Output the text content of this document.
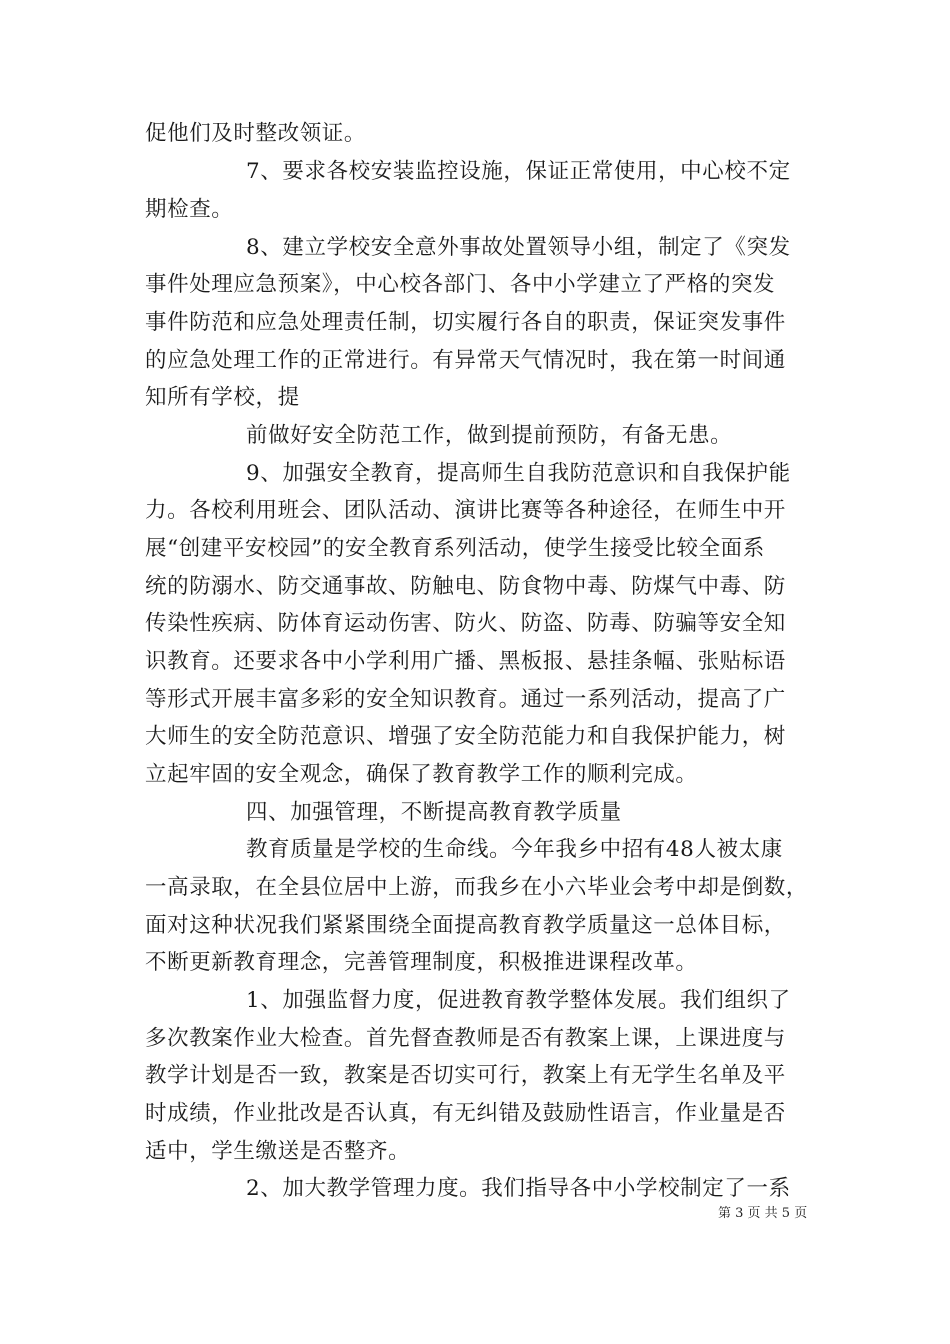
促他们及时整改领证。
7、要求各校安装监控设施，保证正常使用，中心校不定
期检查。
8、建立学校安全意外事故处置领导小组，制定了《突发
事件处理应急预案》，中心校各部门、各中小学建立了严格的突发
事件防范和应急处理责任制，切实履行各自的职责，保证突发事件
的应急处理工作的正常进行。有异常天气情况时，我在第一时间通
知所有学校，提
前做好安全防范工作，做到提前预防，有备无患。
9、加强安全教育，提高师生自我防范意识和自我保护能
力。各校利用班会、团队活动、演讲比赛等各种途径，在师生中开
展“创建平安校园”的安全教育系列活动，使学生接受比较全面系
统的防溺水、防交通事故、防触电、防食物中毒、防煤气中毒、防
传染性疾病、防体育运动伤害、防火、防盗、防毒、防骗等安全知
识教育。还要求各中小学利用广播、黑板报、悬挂条幅、张贴标语
等形式开展丰富多彩的安全知识教育。通过一系列活动，提高了广
大师生的安全防范意识、增强了安全防范能力和自我保护能力，树
立起牢固的安全观念，确保了教育教学工作的顺利完成。
四、加强管理，不断提高教育教学质量
教育质量是学校的生命线。今年我乡中招有48人被太康
一高录取，在全县位居中上游，而我乡在小六毕业会考中却是倒数，
面对这种状况我们紧紧围绕全面提高教育教学质量这一总体目标，
不断更新教育理念，完善管理制度，积极推进课程改革。
1、加强监督力度，促进教育教学整体发展。我们组织了
多次教案作业大检查。首先督查教师是否有教案上课，上课进度与
教学计划是否一致，教案是否切实可行，教案上有无学生名单及平
时成绩，作业批改是否认真，有无纠错及鼓励性语言，作业量是否
适中，学生缴送是否整齐。
2、加大教学管理力度。我们指导各中小学校制定了一系
第 3 页 共 5 页
